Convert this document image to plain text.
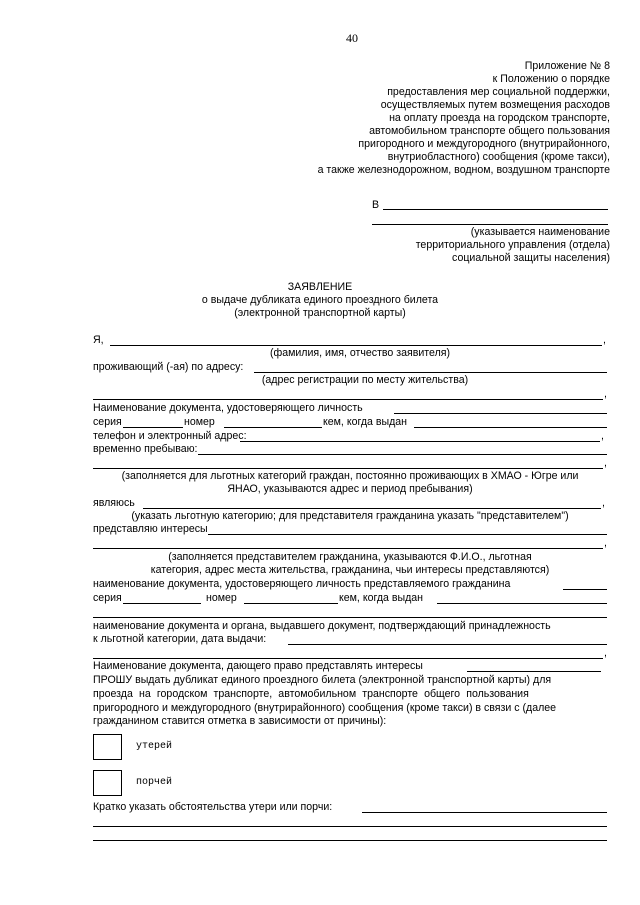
40
Приложение № 8
к Положению о порядке
предоставления мер социальной поддержки,
осуществляемых путем возмещения расходов
на оплату проезда на городском транспорте,
автомобильном транспорте общего пользования
пригородного и междугородного (внутрирайонного,
внутриобластного) сообщения (кроме такси),
а также железнодорожном, водном, воздушном транспорте
В
(указывается наименование
территориального управления (отдела)
социальной защиты населения)
ЗАЯВЛЕНИЕ
о выдаче дубликата единого проездного билета
(электронной транспортной карты)
Я,	,
(фамилия, имя, отчество заявителя)
проживающий (-ая) по адресу:
(адрес регистрации по месту жительства)
,
Наименование документа, удостоверяющего личность
серия	номер	кем, когда выдан
телефон и электронный адрес:	,
временно пребываю:
,
(заполняется для льготных категорий граждан, постоянно проживающих в ХМАО - Югре или
ЯНАО, указываются адрес и период пребывания)
являюсь	,
(указать льготную категорию; для представителя гражданина указать "представителем")
представляю интересы
,
(заполняется представителем гражданина, указываются Ф.И.О., льготная
категория, адрес места жительства, гражданина, чьи интересы представляются)
наименование документа, удостоверяющего личность представляемого гражданина
серия	номер	кем, когда выдан
наименование документа и органа, выдавшего документ, подтверждающий принадлежность
к льготной категории, дата выдачи:
,
Наименование документа, дающего право представлять интересы
ПРОШУ выдать дубликат единого проездного билета (электронной транспортной карты) для
проезда на городском транспорте, автомобильном транспорте общего пользования
пригородного и междугородного (внутрирайонного) сообщения (кроме такси) в связи с (далее
гражданином ставится отметка в зависимости от причины):
утерей
порчей
Кратко указать обстоятельства утери или порчи:
